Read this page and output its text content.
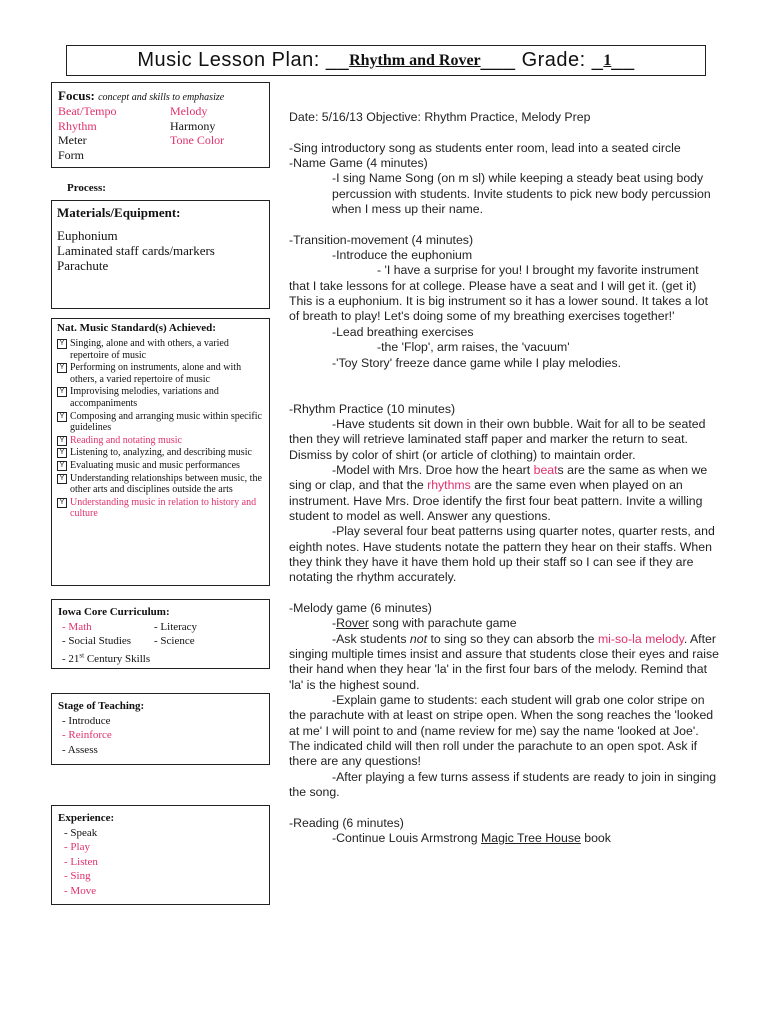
Music Lesson Plan: __ Rhythm and Rover ___ Grade: _ 1 __
Focus: concept and skills to emphasize
Beat/Tempo	Melody
Rhythm	Harmony
Meter	Tone Color
Form
Process:
Materials/Equipment:
Euphonium
Laminated staff cards/markers
Parachute
Nat. Music Standard(s) Achieved:
Y Singing, alone and with others, a varied repertoire of music
Y Performing on instruments, alone and with others, a varied repertoire of music
Y Improvising melodies, variations and accompaniments
Y Composing and arranging music within specific guidelines
Y Reading and notating music
Y Listening to, analyzing, and describing music
Y Evaluating music and music performances
Y Understanding relationships between music, the other arts and disciplines outside the arts
Y Understanding music in relation to history and culture
Iowa Core Curriculum:
- Math	- Literacy
- Social Studies	- Science
- 21st Century Skills
Stage of Teaching:
- Introduce
- Reinforce
- Assess
Experience:
- Speak
- Play
- Listen
- Sing
- Move

Date: 5/16/13 Objective: Rhythm Practice, Melody Prep

-Sing introductory song as students enter room, lead into a seated circle

-Name Game (4 minutes)

-I sing Name Song (on m sl) while keeping a steady beat using body percussion with students. Invite students to pick new body percussion when I mess up their name.

-Transition-movement (4 minutes)

-Introduce the euphonium

- 'I have a surprise for you! I brought my favorite instrument that I take lessons for at college. Please have a seat and I will get it. (get it) This is a euphonium. It is big instrument so it has a lower sound. It takes a lot of breath to play! Let's doing some of my breathing exercises together!'

-Lead breathing exercises

-the 'Flop', arm raises, the 'vacuum'

-'Toy Story' freeze dance game while I play melodies.

-Rhythm Practice (10 minutes)

-Have students sit down in their own bubble. Wait for all to be seated then they will retrieve laminated staff paper and marker the return to seat. Dismiss by color of shirt (or article of clothing) to maintain order.

-Model with Mrs. Droe how the heart beats are the same as when we sing or clap, and that the rhythms are the same even when played on an instrument. Have Mrs. Droe identify the first four beat pattern. Invite a willing student to model as well. Answer any questions.

-Play several four beat patterns using quarter notes, quarter rests, and eighth notes. Have students notate the pattern they hear on their staffs. When they think they have it have them hold up their staff so I can see if they are notating the rhythm accurately.

-Melody game (6 minutes)

-Rover song with parachute game

-Ask students not to sing so they can absorb the mi-so-la melody. After singing multiple times insist and assure that students close their eyes and raise their hand when they hear 'la' in the first four bars of the melody. Remind that 'la' is the highest sound.

-Explain game to students: each student will grab one color stripe on the parachute with at least on stripe open. When the song reaches the 'looked at me' I will point to and (name review for me) say the name 'looked at Joe'. The indicated child will then roll under the parachute to an open spot. Ask if there are any questions!

-After playing a few turns assess if students are ready to join in singing the song.

-Reading (6 minutes)

-Continue Louis Armstrong Magic Tree House book
